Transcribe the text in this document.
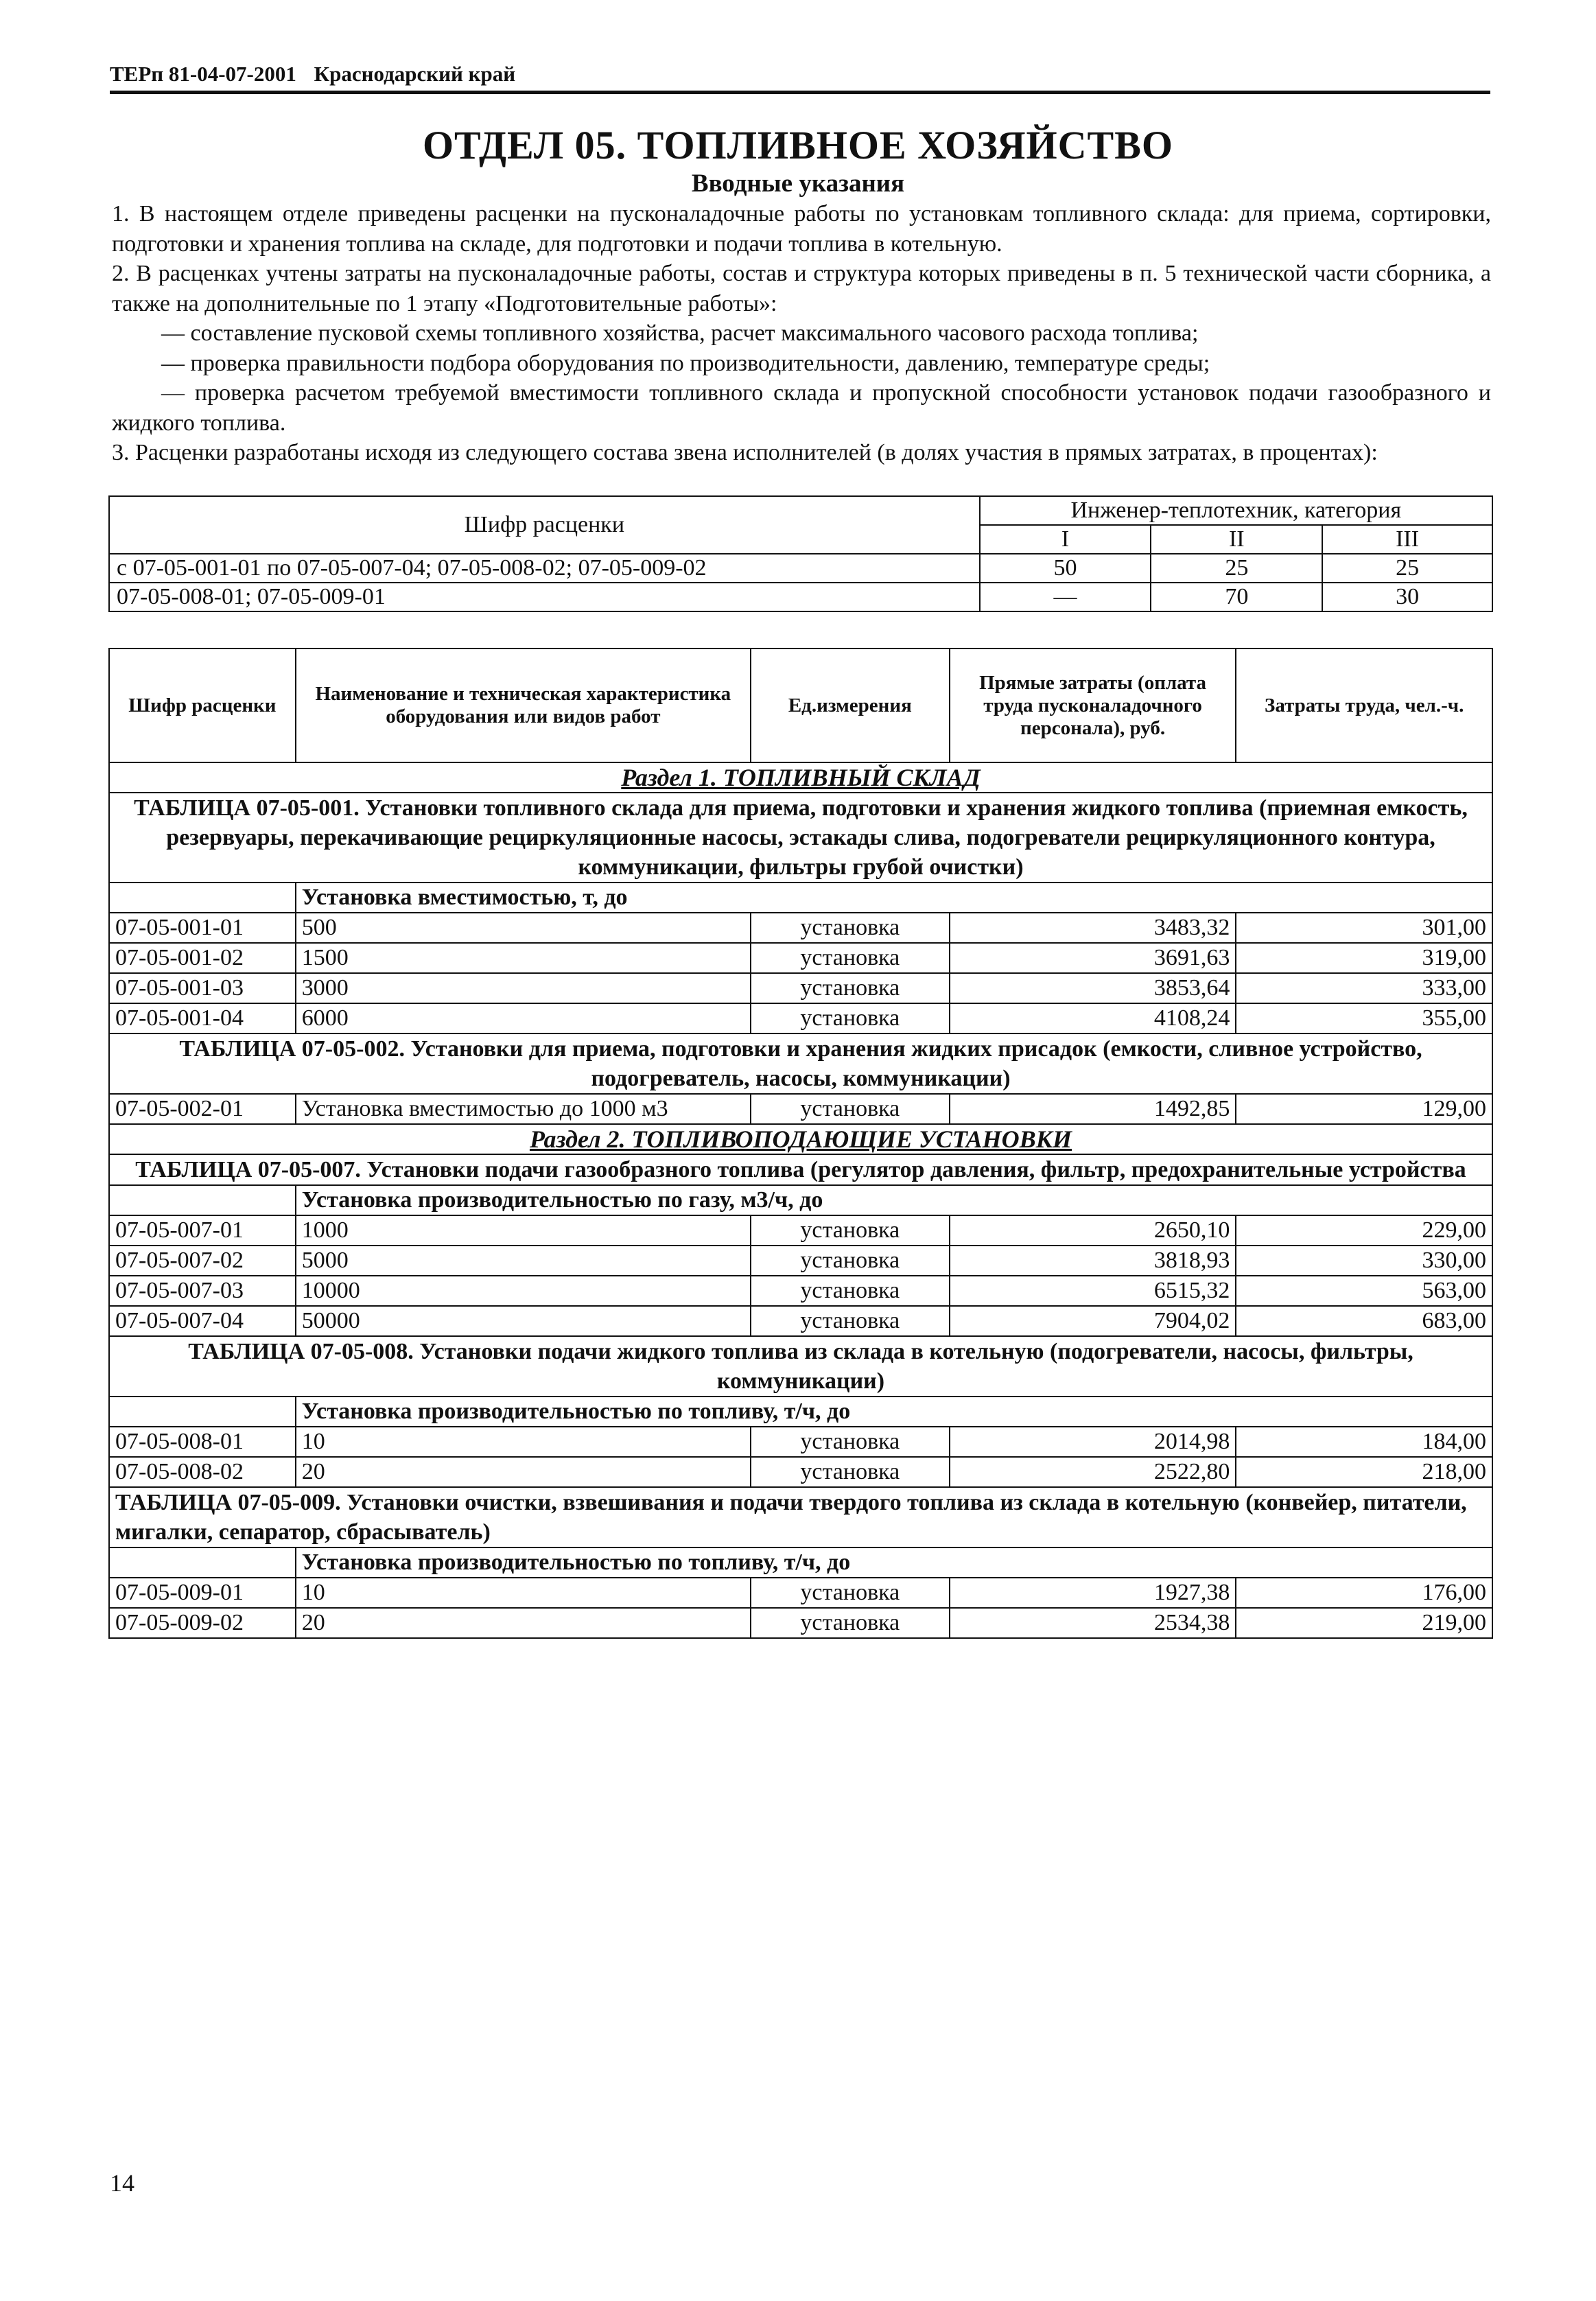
ТЕРп 81-04-07-2001 Краснодарский край
ОТДЕЛ 05. ТОПЛИВНОЕ ХОЗЯЙСТВО
Вводные указания

1. В настоящем отделе приведены расценки на пусконаладочные работы по установкам топливного склада: для приема, сортировки, подготовки и хранения топлива на складе, для подготовки и подачи топлива в котельную.

2. В расценках учтены затраты на пусконаладочные работы, состав и структура которых приведены в п. 5 технической части сборника, а также на дополнительные по 1 этапу «Подготовительные работы»:

— составление пусковой схемы топливного хозяйства, расчет максимального часового расхода топлива;

— проверка правильности подбора оборудования по производительности, давлению, температуре среды;

— проверка расчетом требуемой вместимости топливного склада и пропускной способности установок подачи газообразного и жидкого топлива.

3. Расценки разработаны исходя из следующего состава звена исполнителей (в долях участия в прямых затратах, в процентах):

Шифр расценки	Инженер-теплотехник, категория		
	I	II	III
с 07-05-001-01 по 07-05-007-04; 07-05-008-02; 07-05-009-02	50	25	25
07-05-008-01; 07-05-009-01	—	70	30
Шифр расценки	Наименование и техническая характеристика оборудования или видов работ	Ед.измерения	Прямые затраты (оплата труда пусконаладочного персонала), руб.	Затраты труда, чел.-ч.
Раздел 1. ТОПЛИВНЫЙ СКЛАД				
ТАБЛИЦА 07-05-001. Установки топливного склада для приема, подготовки и хранения жидкого топлива (приемная емкость, резервуары, перекачивающие рециркуляционные насосы, эстакады слива, подогреватели рециркуляционного контура, коммуникации, фильтры грубой очистки)				
	Установка вместимостью, т, до			
07-05-001-01	500	установка	3483,32	301,00
07-05-001-02	1500	установка	3691,63	319,00
07-05-001-03	3000	установка	3853,64	333,00
07-05-001-04	6000	установка	4108,24	355,00
ТАБЛИЦА 07-05-002. Установки для приема, подготовки и хранения жидких присадок (емкости, сливное устройство, подогреватель, насосы, коммуникации)				
07-05-002-01	Установка вместимостью до 1000 м3	установка	1492,85	129,00
Раздел 2. ТОПЛИВОПОДАЮЩИЕ УСТАНОВКИ				
ТАБЛИЦА 07-05-007. Установки подачи газообразного топлива (регулятор давления, фильтр, предохранительные устройства				
	Установка производительностью по газу, м3/ч, до			
07-05-007-01	1000	установка	2650,10	229,00
07-05-007-02	5000	установка	3818,93	330,00
07-05-007-03	10000	установка	6515,32	563,00
07-05-007-04	50000	установка	7904,02	683,00
ТАБЛИЦА 07-05-008. Установки подачи жидкого топлива из склада в котельную (подогреватели, насосы, фильтры, коммуникации)				
	Установка производительностью по топливу, т/ч, до			
07-05-008-01	10	установка	2014,98	184,00
07-05-008-02	20	установка	2522,80	218,00
ТАБЛИЦА 07-05-009. Установки очистки, взвешивания и подачи твердого топлива из склада в котельную (конвейер, питатели, мигалки, сепаратор, сбрасыватель)				
	Установка производительностью по топливу, т/ч, до			
07-05-009-01	10	установка	1927,38	176,00
07-05-009-02	20	установка	2534,38	219,00
14
